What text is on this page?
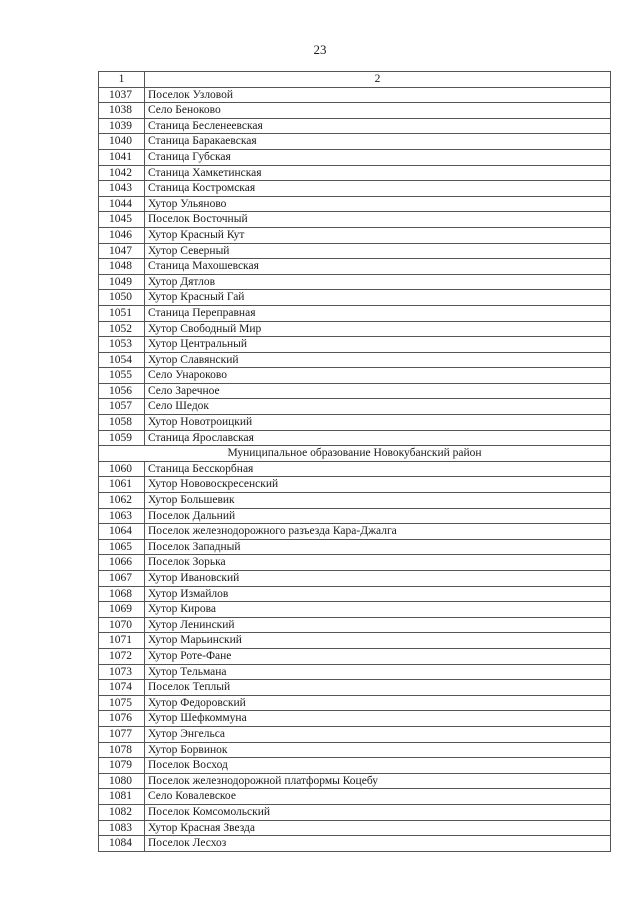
23
1	2
1037	Поселок Узловой
1038	Село Беноково
1039	Станица Бесленеевская
1040	Станица Баракаевская
1041	Станица Губская
1042	Станица Хамкетинская
1043	Станица Костромская
1044	Хутор Ульяново
1045	Поселок Восточный
1046	Хутор Красный Кут
1047	Хутор Северный
1048	Станица Махошевская
1049	Хутор Дятлов
1050	Хутор Красный Гай
1051	Станица Переправная
1052	Хутор Свободный Мир
1053	Хутор Центральный
1054	Хутор Славянский
1055	Село Унароково
1056	Село Заречное
1057	Село Шедок
1058	Хутор Новотроицкий
1059	Станица Ярославская
Муниципальное образование Новокубанский район	
1060	Станица Бесскорбная
1061	Хутор Нововоскресенский
1062	Хутор Большевик
1063	Поселок Дальний
1064	Поселок железнодорожного разъезда Кара-Джалга
1065	Поселок Западный
1066	Поселок Зорька
1067	Хутор Ивановский
1068	Хутор Измайлов
1069	Хутор Кирова
1070	Хутор Ленинский
1071	Хутор Марьинский
1072	Хутор Роте-Фане
1073	Хутор Тельмана
1074	Поселок Теплый
1075	Хутор Федоровский
1076	Хутор Шефкоммуна
1077	Хутор Энгельса
1078	Хутор Борвинок
1079	Поселок Восход
1080	Поселок железнодорожной платформы Коцебу
1081	Село Ковалевское
1082	Поселок Комсомольский
1083	Хутор Красная Звезда
1084	Поселок Лесхоз
